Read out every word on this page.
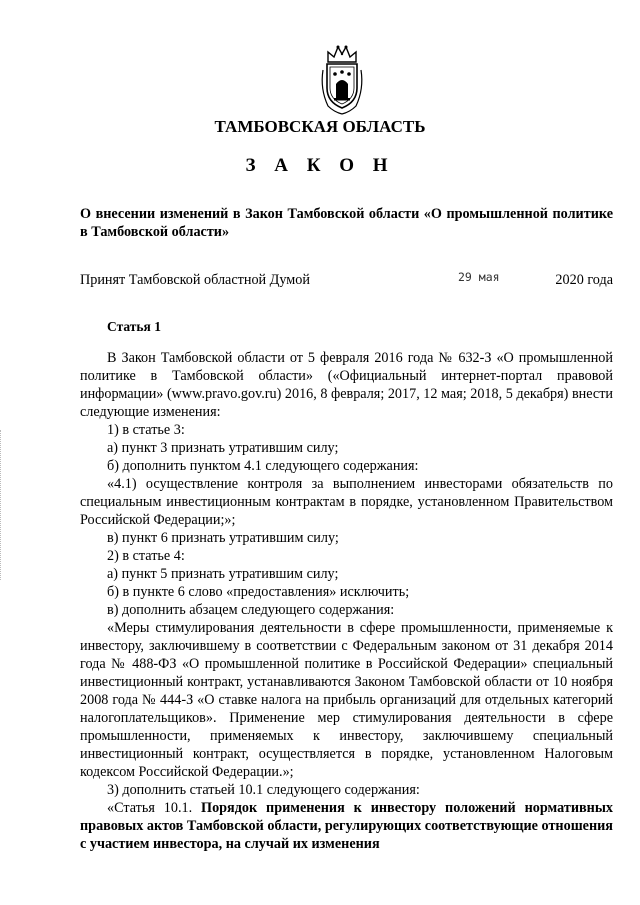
ТАМБОВСКАЯ ОБЛАСТЬ
З А К О Н
О внесении изменений в Закон Тамбовской области «О промышленной политике в Тамбовской области»
Принят Тамбовской областной Думой	29 мая	2020 года
Статья 1

В Закон Тамбовской области от 5 февраля 2016 года № 632-З «О промышленной политике в Тамбовской области» («Официальный интернет-портал правовой информации» (www.pravo.gov.ru) 2016, 8 февраля; 2017, 12 мая; 2018, 5 декабря) внести следующие изменения:

1) в статье 3:

а) пункт 3 признать утратившим силу;

б) дополнить пунктом 4.1 следующего содержания:

«4.1) осуществление контроля за выполнением инвесторами обязательств по специальным инвестиционным контрактам в порядке, установленном Правительством Российской Федерации;»;

в) пункт 6 признать утратившим силу;

2) в статье 4:

а) пункт 5 признать утратившим силу;

б) в пункте 6 слово «предоставления» исключить;

в) дополнить абзацем следующего содержания:

«Меры стимулирования деятельности в сфере промышленности, применяемые к инвестору, заключившему в соответствии с Федеральным законом от 31 декабря 2014 года № 488-ФЗ «О промышленной политике в Российской Федерации» специальный инвестиционный контракт, устанавливаются Законом Тамбовской области от 10 ноября 2008 года № 444-З «О ставке налога на прибыль организаций для отдельных категорий налогоплательщиков». Применение мер стимулирования деятельности в сфере промышленности, применяемых к инвестору, заключившему специальный инвестиционный контракт, осуществляется в порядке, установленном Налоговым кодексом Российской Федерации.»;

3) дополнить статьей 10.1 следующего содержания:

«Статья 10.1. Порядок применения к инвестору положений нормативных правовых актов Тамбовской области, регулирующих соответствующие отношения с участием инвестора, на случай их изменения
